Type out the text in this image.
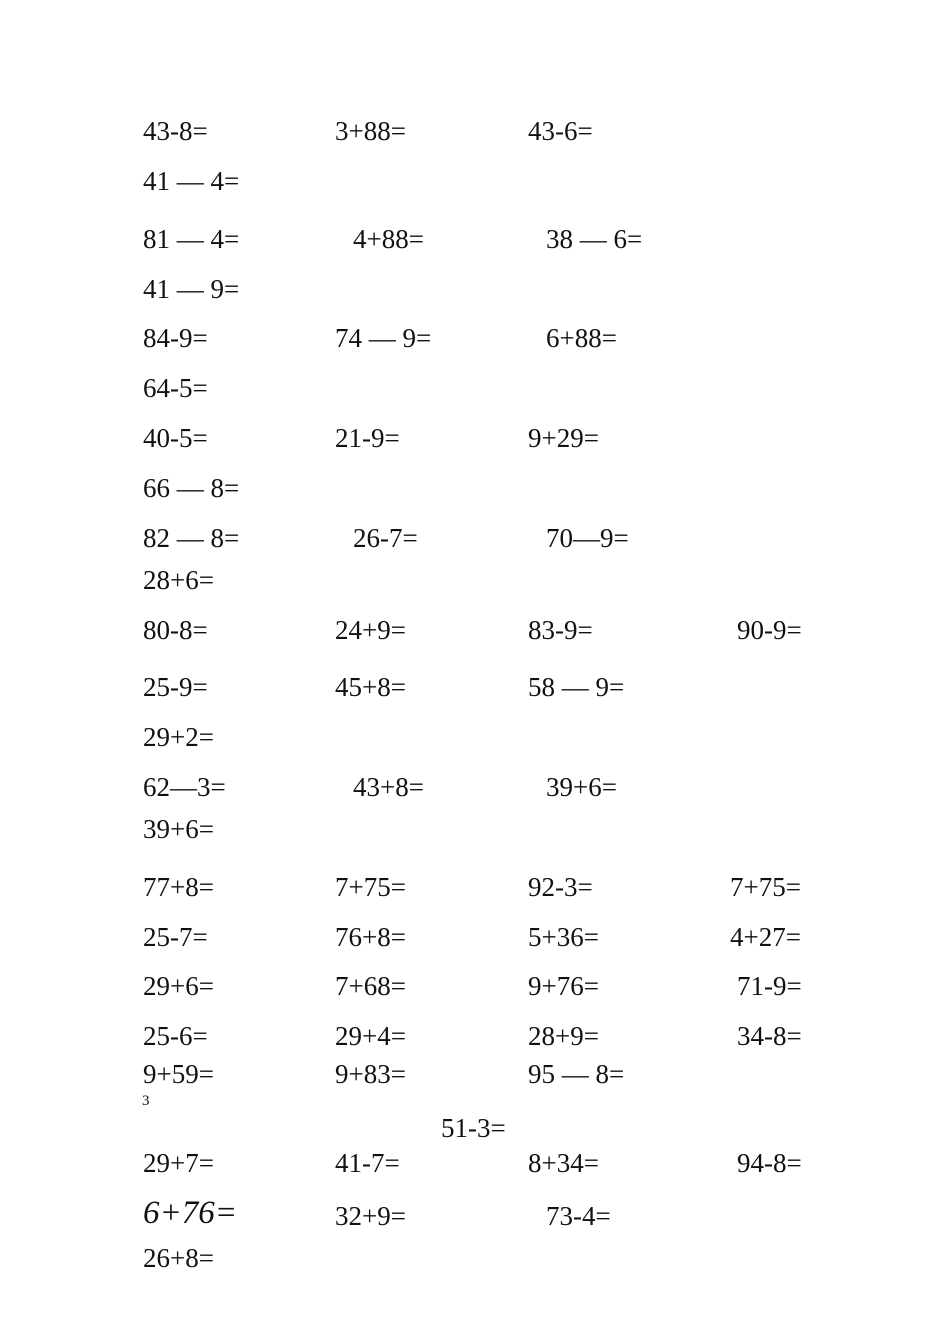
43-8=	3+88=	43-6=
41 — 4=
81 — 4=	4+88=	38 — 6=
41 — 9=
84-9=	74 — 9=	6+88=
64-5=
40-5=	21-9=	9+29=
66 — 8=
82 — 8=	26-7=	70—9=
28+6=
80-8=	24+9=	83-9=	90-9=
25-9=	45+8=	58 — 9=
29+2=
62—3=	43+8=	39+6=
39+6=
77+8=	7+75=	92-3=	7+75=
25-7=	76+8=	5+36=	4+27=
29+6=	7+68=	9+76=	71-9=
25-6=	29+4=	28+9=	34-8=
9+59=	9+83=	95 — 8=
3
51-3=
29+7=	41-7=	8+34=	94-8=
6+76=	32+9=	73-4=
26+8=
